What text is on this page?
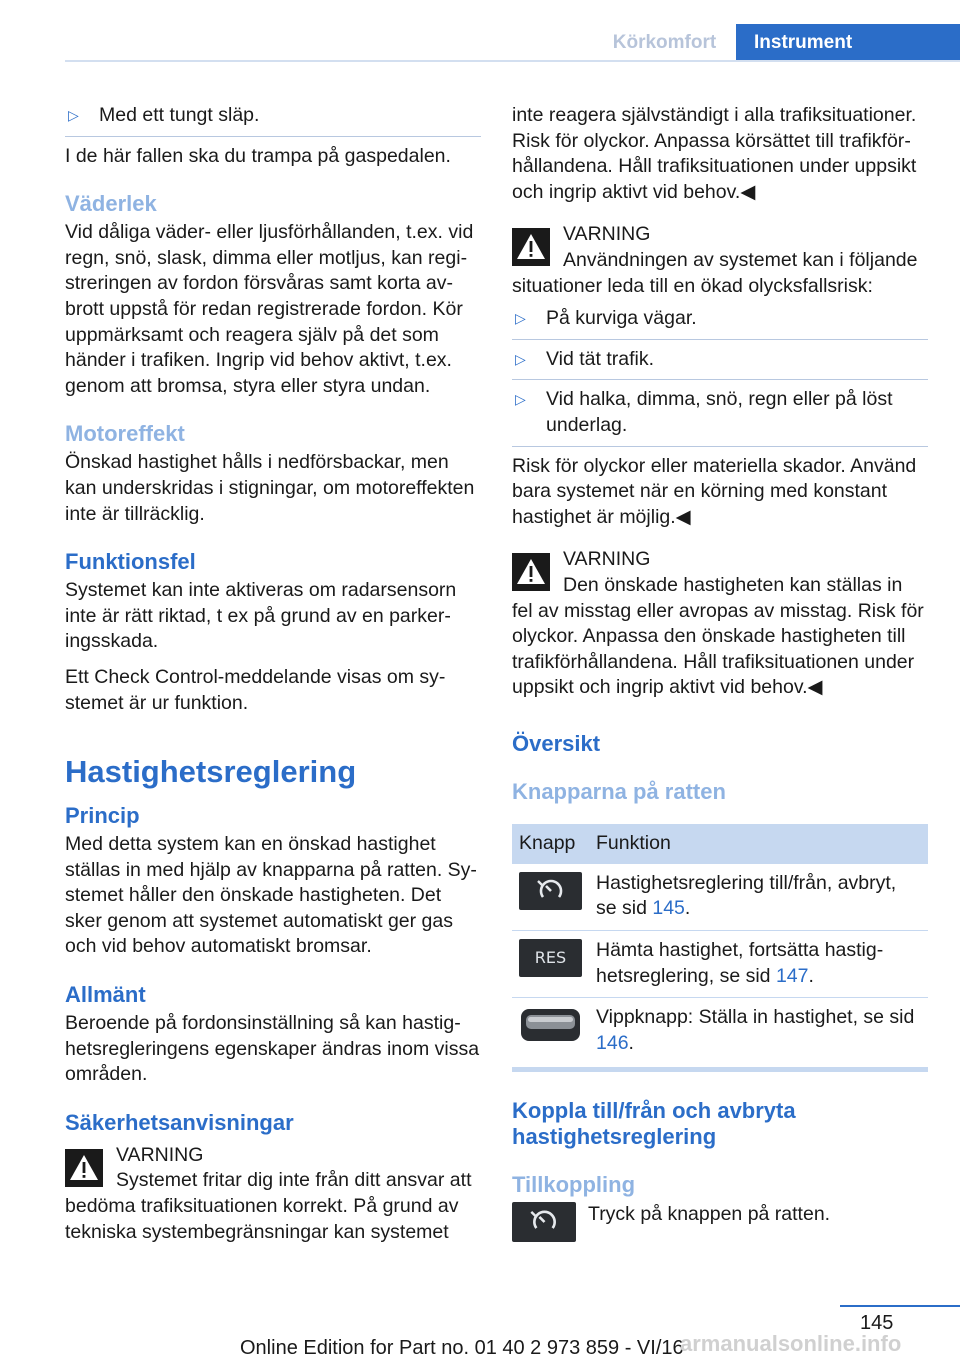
Körkomfort	Instrument
▷	Med ett tungt släp.

I de här fallen ska du trampa på gaspedalen.

Väderlek

Vid dåliga väder- eller ljusförhållanden, t.ex. vid regn, snö, slask, dimma eller motljus, kan registreringen av fordon försvåras samt korta avbrott uppstå för redan registrerade fordon. Kör uppmärksamt och reagera själv på det som händer i trafiken. Ingrip vid behov aktivt, t.ex. genom att bromsa, styra eller styra undan.

Motoreffekt

Önskad hastighet hålls i nedförsbackar, men kan underskridas i stigningar, om motoreffekten inte är tillräcklig.

Funktionsfel

Systemet kan inte aktiveras om radarsensorn inte är rätt riktad, t ex på grund av en parkeringsskada.

Ett Check Control-meddelande visas om systemet är ur funktion.

Hastighetsreglering
Princip

Med detta system kan en önskad hastighet ställas in med hjälp av knapparna på ratten. Systemet håller den önskade hastigheten. Det sker genom att systemet automatiskt ger gas och vid behov automatiskt bromsar.

Allmänt

Beroende på fordonsinställning så kan hastighetsregleringens egenskaper ändras inom vissa områden.

Säkerhetsanvisningar
VARNING
Systemet fritar dig inte från ditt ansvar att bedöma trafiksituationen korrekt. På grund av tekniska systembegränsningar kan systemet

inte reagera självständigt i alla trafiksituationer. Risk för olyckor. Anpassa körsättet till trafikförhållandena. Håll trafiksituationen under uppsikt och ingrip aktivt vid behov.◀

VARNING
Användningen av systemet kan i följande situationer leda till en ökad olycksfallsrisk:
▷	På kurviga vägar.
▷	Vid tät trafik.
▷	Vid halka, dimma, snö, regn eller på löst underlag.

Risk för olyckor eller materiella skador. Använd bara systemet när en körning med konstant hastighet är möjlig.◀

VARNING
Den önskade hastigheten kan ställas in fel av misstag eller avropas av misstag. Risk för olyckor. Anpassa den önskade hastigheten till trafikförhållandena. Håll trafiksituationen under uppsikt och ingrip aktivt vid behov.◀
Översikt
Knapparna på ratten
Knapp	Funktion

	Hastighetsreglering till/från, avbryt, se sid 145.

RES	Hämta hastighet, fortsätta hastighetsreglering, se sid 147.

	Vippknapp: Ställa in hastighet, se sid 146.
Koppla till/från och avbryta hastighetsreglering
Tillkoppling
Tryck på knappen på ratten.
145
Online Edition for Part no. 01 40 2 973 859 - VI/16
armanualsonline.info
